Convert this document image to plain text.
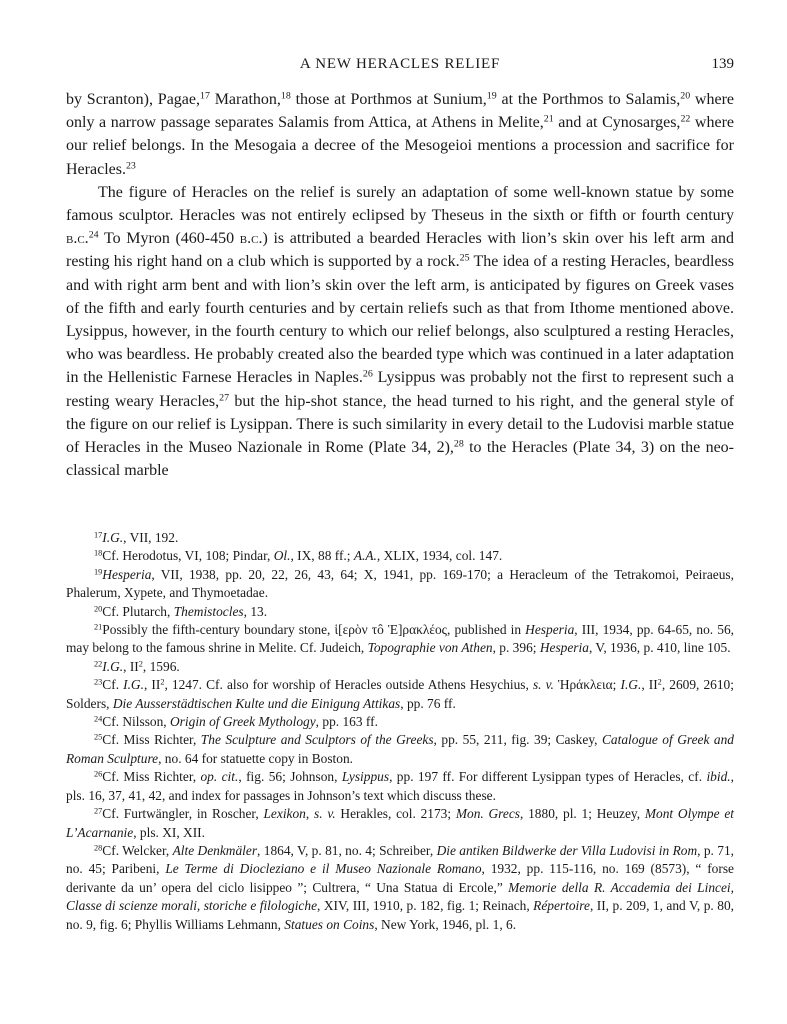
A NEW HERACLES RELIEF	139

by Scranton), Pagae,$^{17}$ Marathon,$^{18}$ those at Porthmos at Sunium,$^{19}$ at the Porthmos to Salamis,$^{20}$ where only a narrow passage separates Salamis from Attica, at Athens in Melite,$^{21}$ and at Cynosarges,$^{22}$ where our relief belongs. In the Mesogaia a decree of the Mesogeioi mentions a procession and sacrifice for Heracles.$^{23}$

The figure of Heracles on the relief is surely an adaptation of some well-known statue by some famous sculptor. Heracles was not entirely eclipsed by Theseus in the sixth or fifth or fourth century b.c.$^{24}$ To Myron (460-450 b.c.) is attributed a bearded Heracles with lion’s skin over his left arm and resting his right hand on a club which is supported by a rock.$^{25}$ The idea of a resting Heracles, beardless and with right arm bent and with lion’s skin over the left arm, is anticipated by figures on Greek vases of the fifth and early fourth centuries and by certain reliefs such as that from Ithome mentioned above. Lysippus, however, in the fourth century to which our relief belongs, also sculptured a resting Heracles, who was beardless. He probably created also the bearded type which was continued in a later adaptation in the Hellenistic Farnese Heracles in Naples.$^{26}$ Lysippus was probably not the first to represent such a resting weary Heracles,$^{27}$ but the hip-shot stance, the head turned to his right, and the general style of the figure on our relief is Lysippan. There is such similarity in every detail to the Ludovisi marble statue of Heracles in the Museo Nazionale in Rome (Plate 34, 2),$^{28}$ to the Heracles (Plate 34, 3) on the neo-classical marble

$^{17}$I.G., VII, 192.

$^{18}$Cf. Herodotus, VI, 108; Pindar, Ol., IX, 88 ff.; A.A., XLIX, 1934, col. 147.

$^{19}$Hesperia, VII, 1938, pp. 20, 22, 26, 43, 64; X, 1941, pp. 169-170; a Heracleum of the Tetrakomoi, Peiraeus, Phalerum, Xypete, and Thymoetadae.

$^{20}$Cf. Plutarch, Themistocles, 13.

$^{21}$Possibly the fifth-century boundary stone, ἱ[ερὸν τô Ἑ]ρακλέος, published in Hesperia, III, 1934, pp. 64-65, no. 56, may belong to the famous shrine in Melite. Cf. Judeich, Topographie von Athen, p. 396; Hesperia, V, 1936, p. 410, line 105.

$^{22}$I.G., $II^2$, 1596.

$^{23}$Cf. I.G., $II^2$, 1247. Cf. also for worship of Heracles outside Athens Hesychius, s. v. Ἡράκλεια; I.G., $II^2$, 2609, 2610; Solders, Die Ausserstädtischen Kulte und die Einigung Attikas, pp. 76 ff.

$^{24}$Cf. Nilsson, Origin of Greek Mythology, pp. 163 ff.

$^{25}$Cf. Miss Richter, The Sculpture and Sculptors of the Greeks, pp. 55, 211, fig. 39; Caskey, Catalogue of Greek and Roman Sculpture, no. 64 for statuette copy in Boston.

$^{26}$Cf. Miss Richter, op. cit., fig. 56; Johnson, Lysippus, pp. 197 ff. For different Lysippan types of Heracles, cf. ibid., pls. 16, 37, 41, 42, and index for passages in Johnson’s text which discuss these.

$^{27}$Cf. Furtwängler, in Roscher, Lexikon, s. v. Herakles, col. 2173; Mon. Grecs, 1880, pl. 1; Heuzey, Mont Olympe et L’Acarnanie, pls. XI, XII.

$^{28}$Cf. Welcker, Alte Denkmäler, 1864, V, p. 81, no. 4; Schreiber, Die antiken Bildwerke der Villa Ludovisi in Rom, p. 71, no. 45; Paribeni, Le Terme di Diocleziano e il Museo Nazionale Romano, 1932, pp. 115-116, no. 169 (8573), “ forse derivante da un’ opera del ciclo lisippeo ”; Cultrera, “ Una Statua di Ercole,” Memorie della R. Accademia dei Lincei, Classe di scienze morali, storiche e filologiche, XIV, III, 1910, p. 182, fig. 1; Reinach, Répertoire, II, p. 209, 1, and V, p. 80, no. 9, fig. 6; Phyllis Williams Lehmann, Statues on Coins, New York, 1946, pl. 1, 6.
